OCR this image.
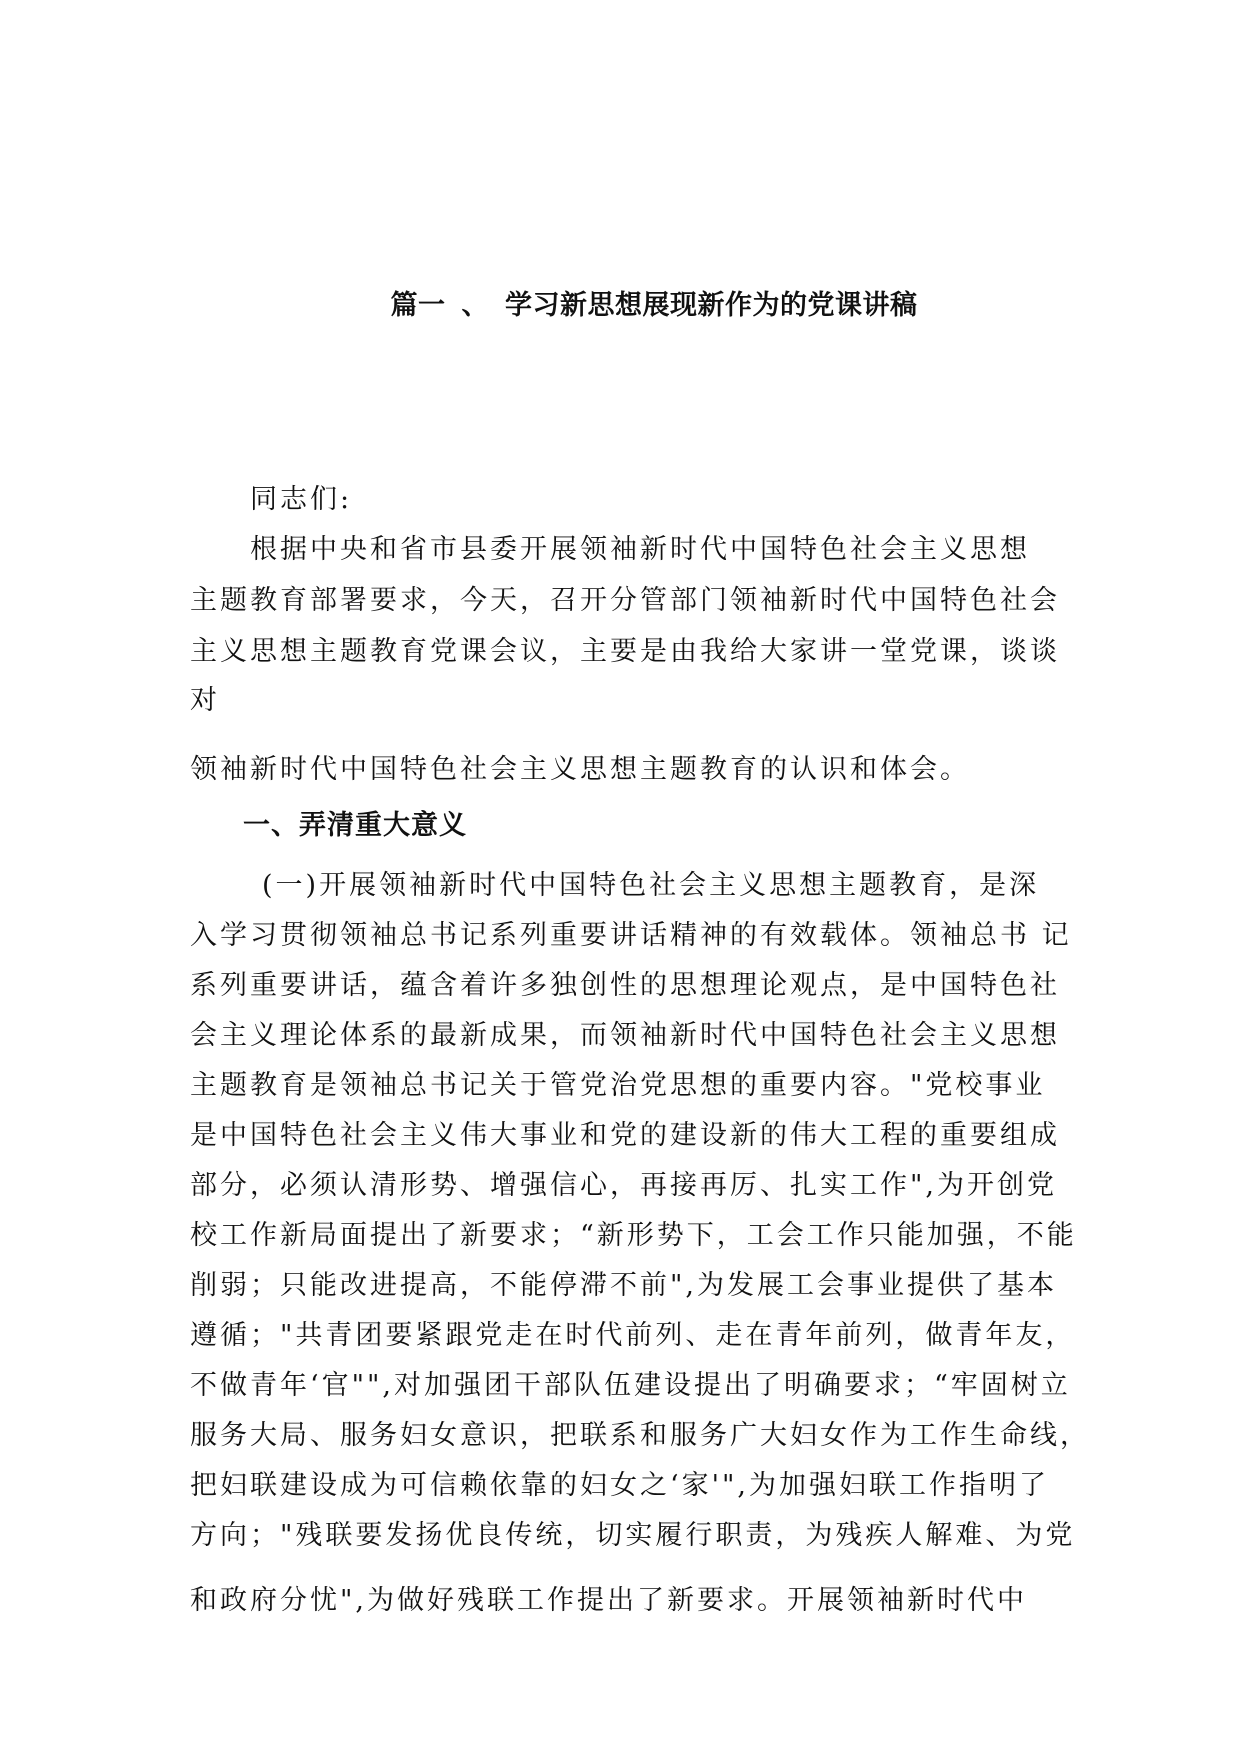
篇一 、 学习新思想展现新作为的党课讲稿
同志们:
根据中央和省市县委开展领袖新时代中国特色社会主义思想
主题教育部署要求，今天，召开分管部门领袖新时代中国特色社会
主义思想主题教育党课会议，主要是由我给大家讲一堂党课，谈谈
对
领袖新时代中国特色社会主义思想主题教育的认识和体会。
一、弄清重大意义
(一)开展领袖新时代中国特色社会主义思想主题教育，是深
入学习贯彻领袖总书记系列重要讲话精神的有效载体。领袖总书 记
系列重要讲话，蕴含着许多独创性的思想理论观点，是中国特色社
会主义理论体系的最新成果，而领袖新时代中国特色社会主义思想
主题教育是领袖总书记关于管党治党思想的重要内容。"党校事业
是中国特色社会主义伟大事业和党的建设新的伟大工程的重要组成
部分，必须认清形势、增强信心，再接再厉、扎实工作",为开创党
校工作新局面提出了新要求；“新形势下，工会工作只能加强，不能
削弱；只能改进提高，不能停滞不前",为发展工会事业提供了基本
遵循；"共青团要紧跟党走在时代前列、走在青年前列，做青年友，
不做青年‘官"",对加强团干部队伍建设提出了明确要求；“牢固树立
服务大局、服务妇女意识，把联系和服务广大妇女作为工作生命线，
把妇联建设成为可信赖依靠的妇女之‘家'",为加强妇联工作指明了
方向；"残联要发扬优良传统，切实履行职责，为残疾人解难、为党
和政府分忧",为做好残联工作提出了新要求。开展领袖新时代中
